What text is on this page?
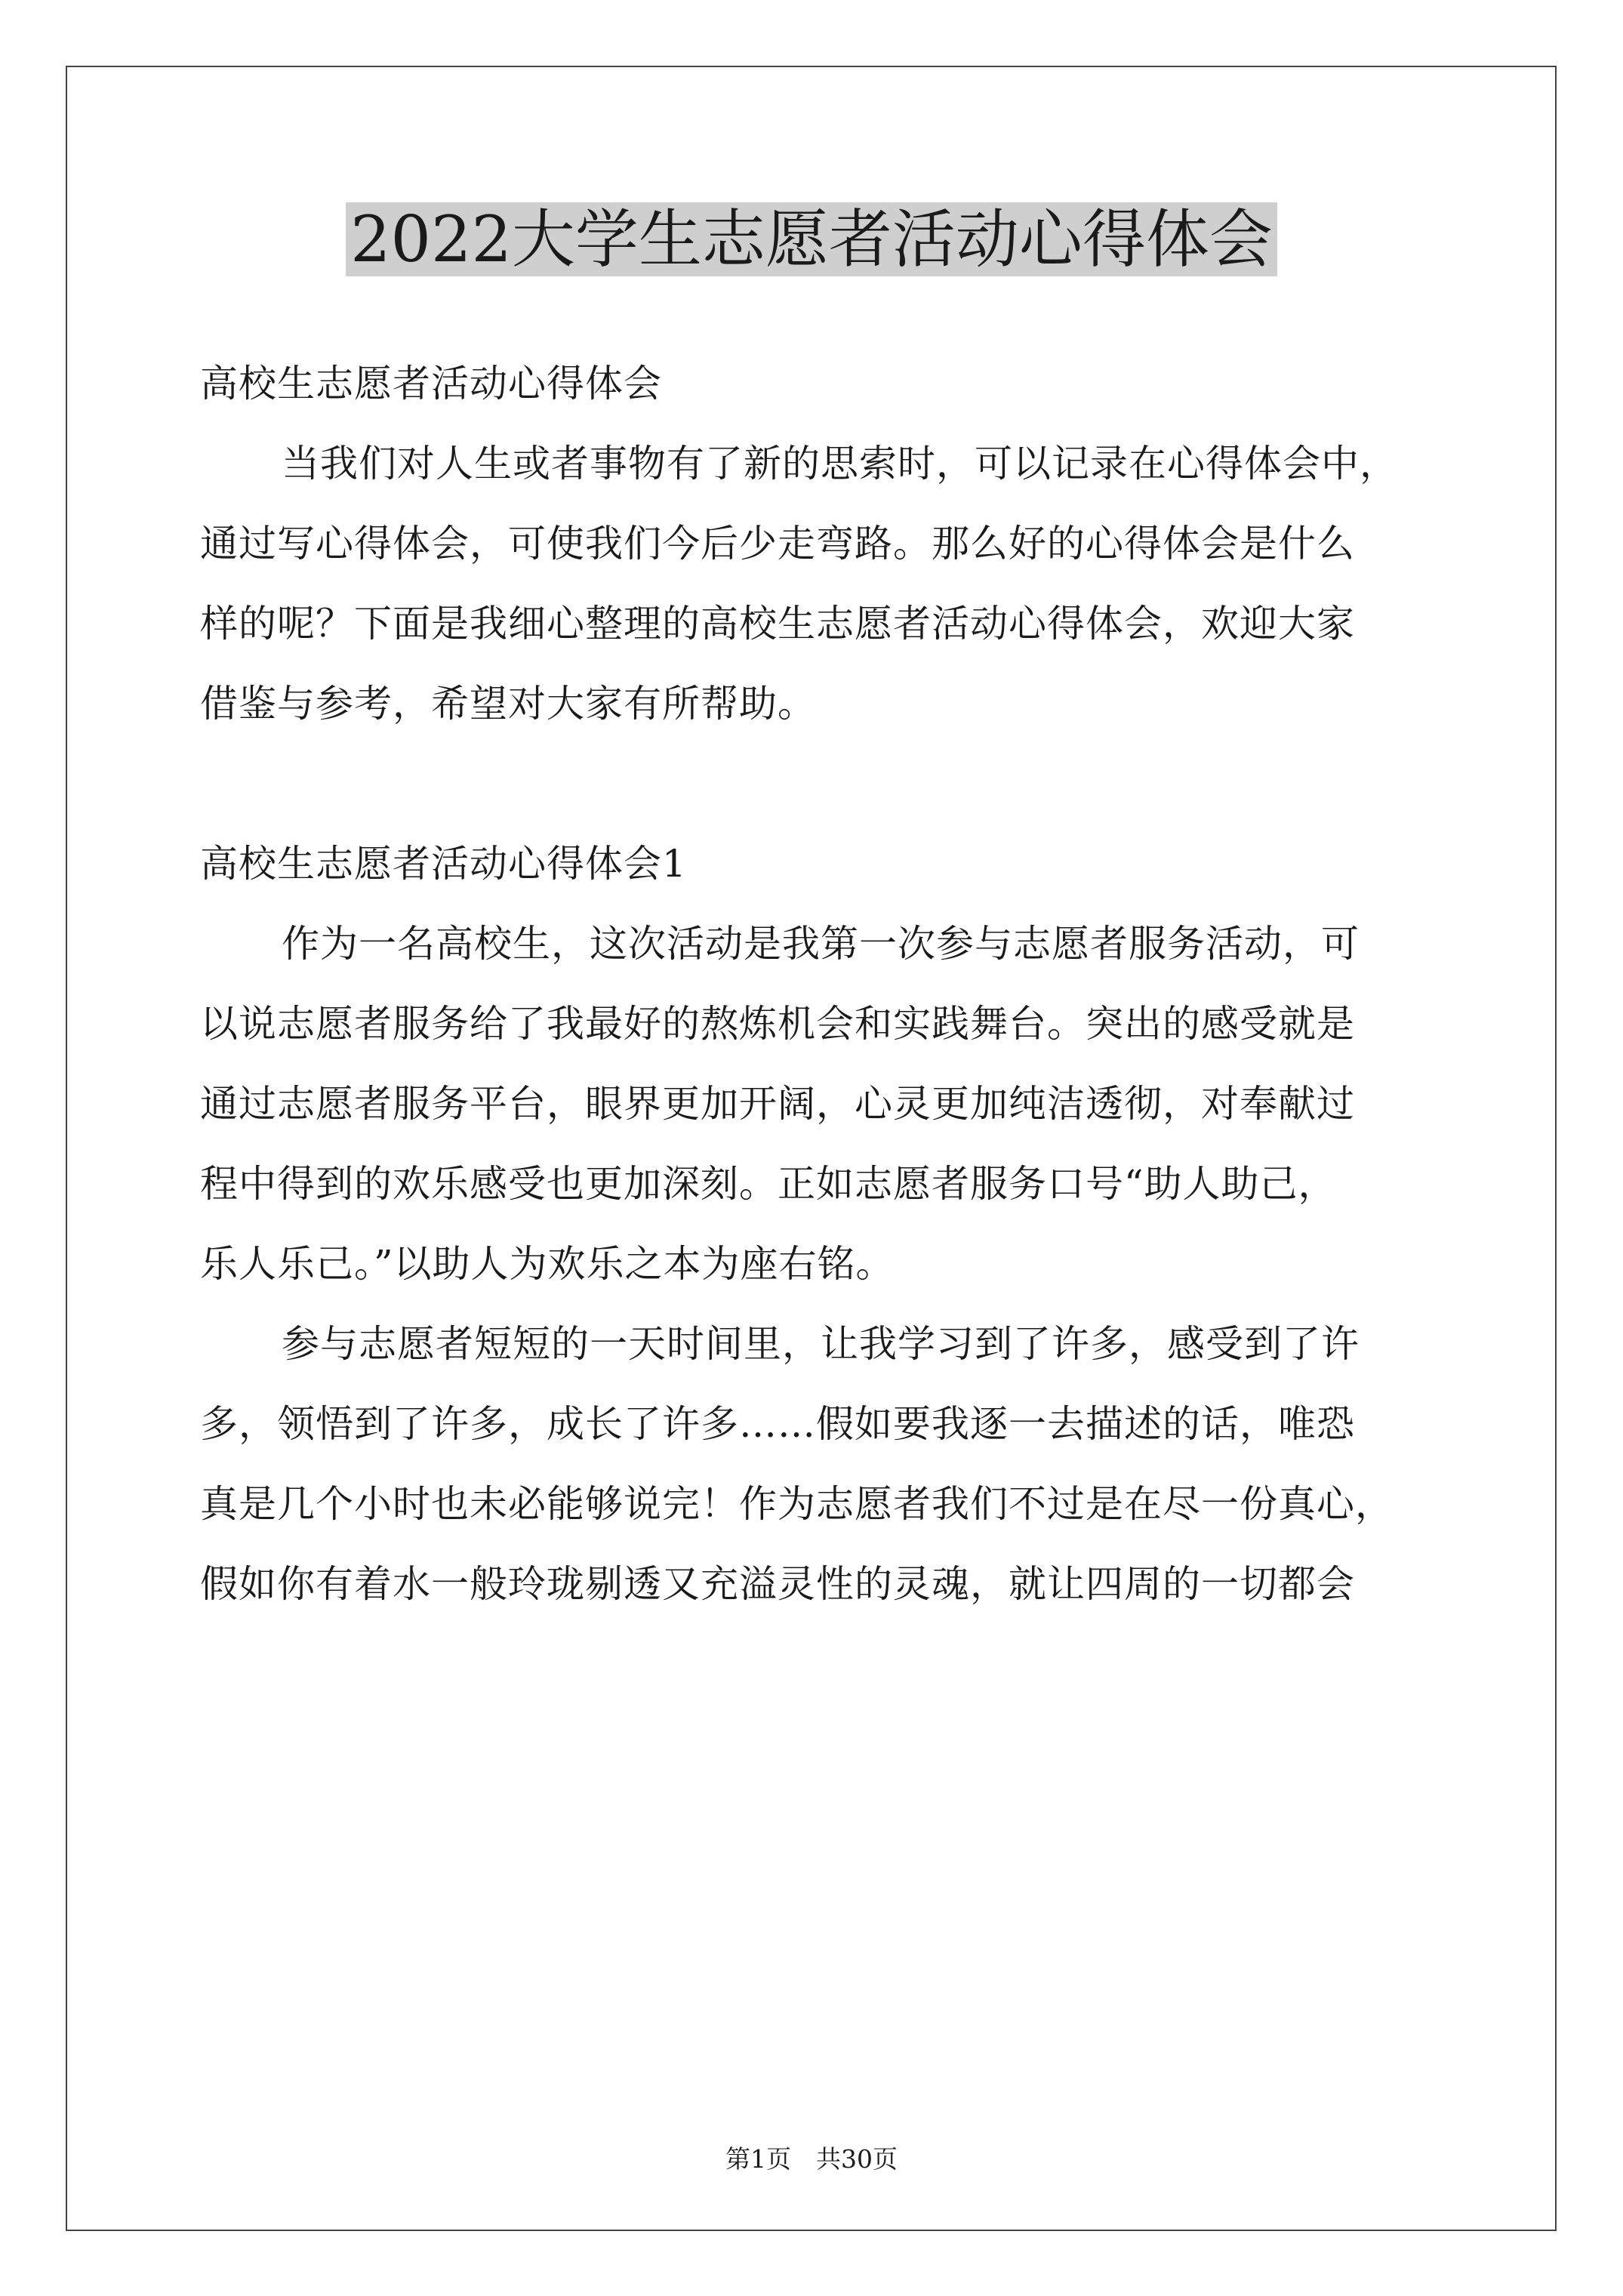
2022大学生志愿者活动心得体会
高校生志愿者活动心得体会
当我们对人生或者事物有了新的思索时，可以记录在心得体会中，
通过写心得体会，可使我们今后少走弯路。那么好的心得体会是什么
样的呢？下面是我细心整理的高校生志愿者活动心得体会，欢迎大家
借鉴与参考，希望对大家有所帮助。
高校生志愿者活动心得体会1
作为一名高校生，这次活动是我第一次参与志愿者服务活动，可
以说志愿者服务给了我最好的熬炼机会和实践舞台。突出的感受就是
通过志愿者服务平台，眼界更加开阔，心灵更加纯洁透彻，对奉献过
程中得到的欢乐感受也更加深刻。正如志愿者服务口号“助人助己，
乐人乐己。”以助人为欢乐之本为座右铭。
参与志愿者短短的一天时间里，让我学习到了许多，感受到了许
多，领悟到了许多，成长了许多……假如要我逐一去描述的话，唯恐
真是几个小时也未必能够说完！作为志愿者我们不过是在尽一份真心，
假如你有着水一般玲珑剔透又充溢灵性的灵魂，就让四周的一切都会
第1页　共30页
